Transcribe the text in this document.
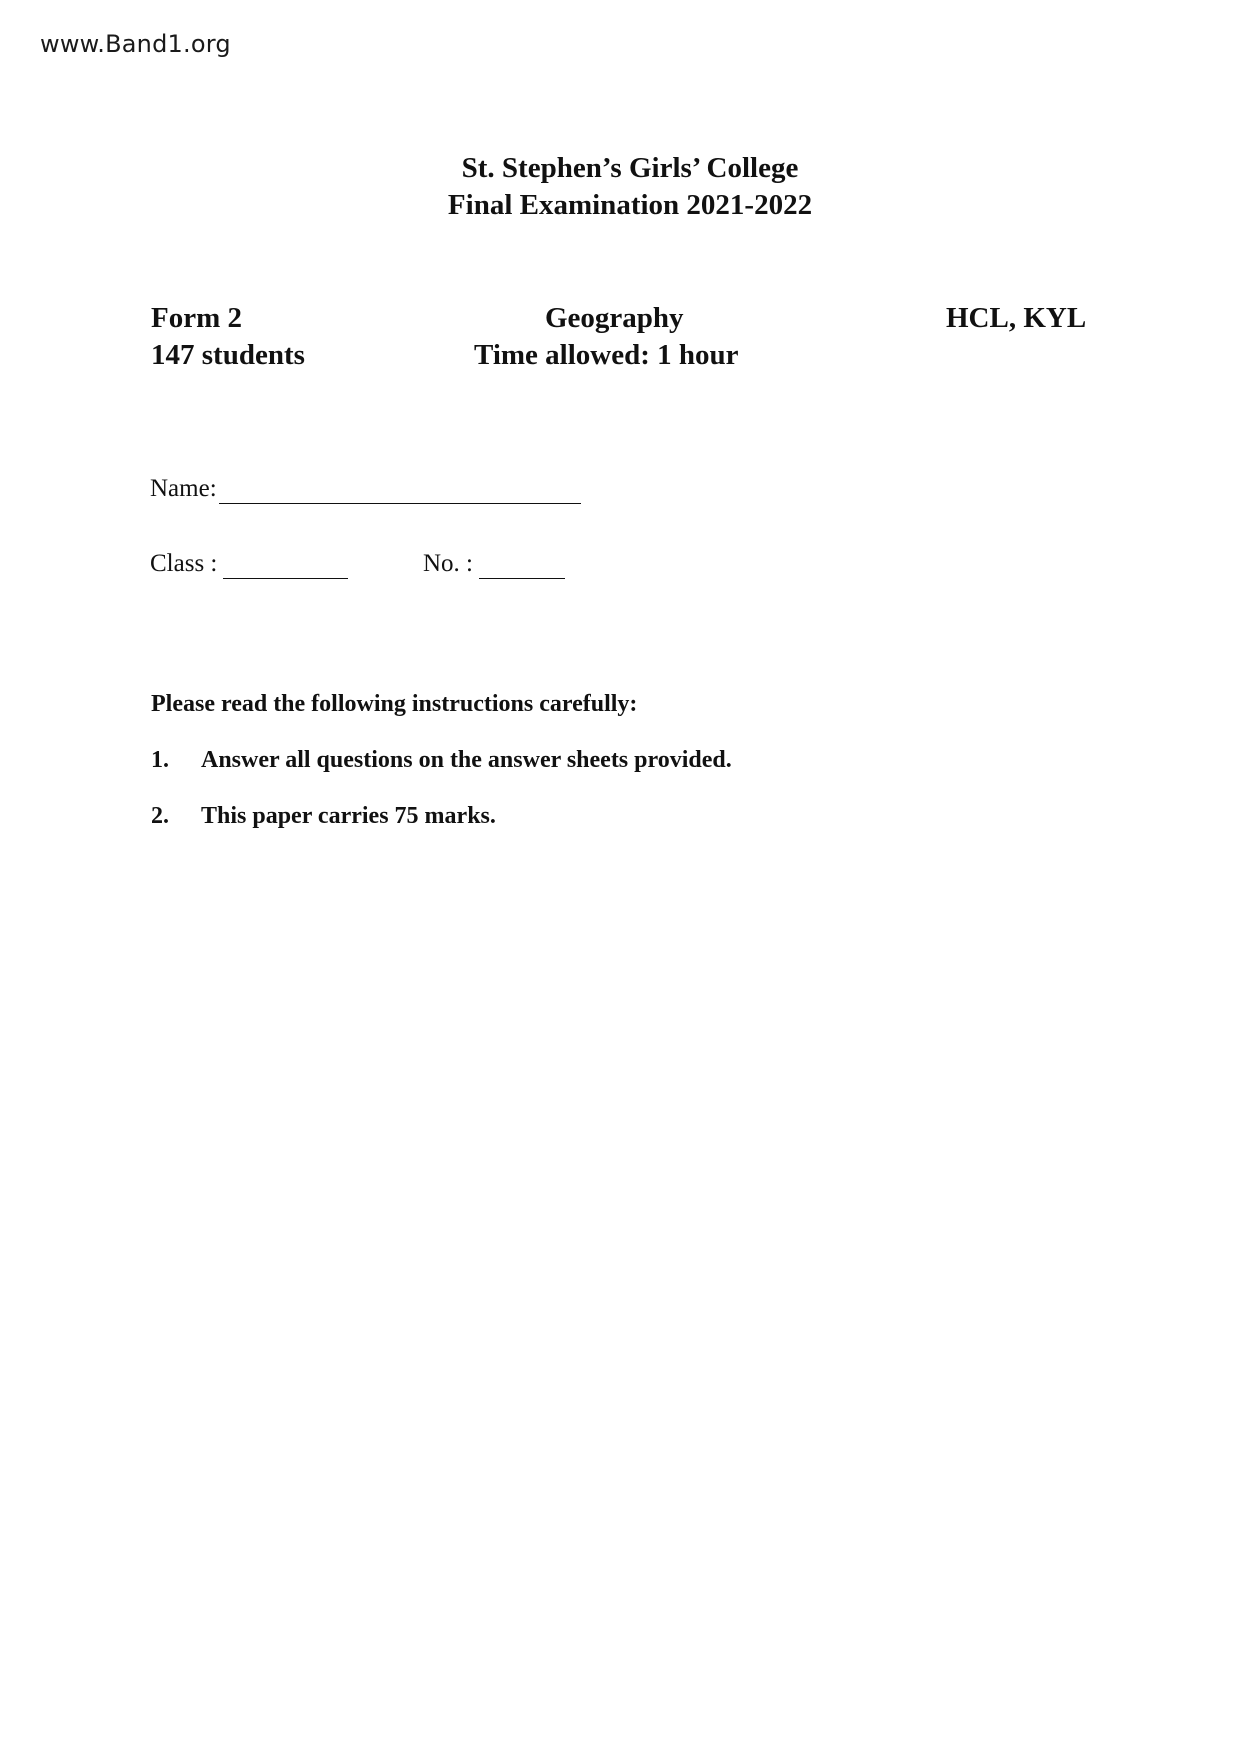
www.Band1.org
St. Stephen’s Girls’ College
Final Examination 2021-2022
Form 2
147 students
Geography
Time allowed: 1 hour
HCL, KYL
Name:
Class :	No. :
Please read the following instructions carefully:
1. Answer all questions on the answer sheets provided.
2. This paper carries 75 marks.
